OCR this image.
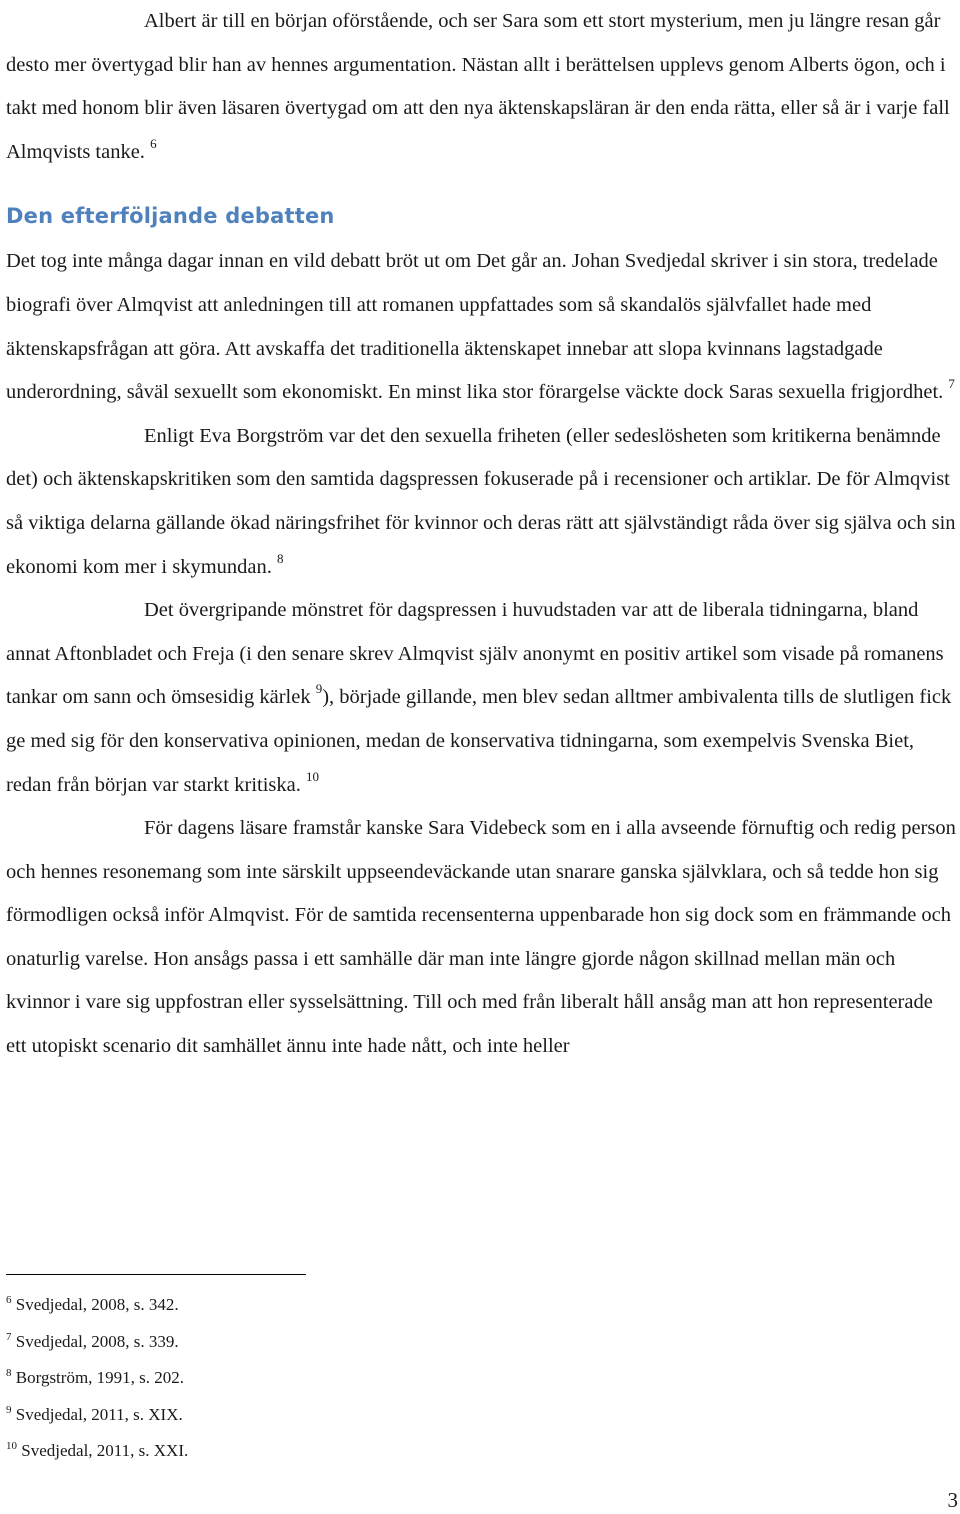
Albert är till en början oförstående, och ser Sara som ett stort mysterium, men ju längre resan går desto mer övertygad blir han av hennes argumentation. Nästan allt i berättelsen upplevs genom Alberts ögon, och i takt med honom blir även läsaren övertygad om att den nya äktenskapsläran är den enda rätta, eller så är i varje fall Almqvists tanke. $^6$

Den efterföljande debatten

Det tog inte många dagar innan en vild debatt bröt ut om Det går an. Johan Svedjedal skriver i sin stora, tredelade biografi över Almqvist att anledningen till att romanen uppfattades som så skandalös självfallet hade med äktenskapsfrågan att göra. Att avskaffa det traditionella äktenskapet innebar att slopa kvinnans lagstadgade underordning, såväl sexuellt som ekonomiskt. En minst lika stor förargelse väckte dock Saras sexuella frigjordhet. $^7$

Enligt Eva Borgström var det den sexuella friheten (eller sedeslösheten som kritikerna benämnde det) och äktenskapskritiken som den samtida dagspressen fokuserade på i recensioner och artiklar. De för Almqvist så viktiga delarna gällande ökad näringsfrihet för kvinnor och deras rätt att självständigt råda över sig själva och sin ekonomi kom mer i skymundan. $^8$

Det övergripande mönstret för dagspressen i huvudstaden var att de liberala tidningarna, bland annat Aftonbladet och Freja (i den senare skrev Almqvist själv anonymt en positiv artikel som visade på romanens tankar om sann och ömsesidig kärlek $^9$), började gillande, men blev sedan alltmer ambivalenta tills de slutligen fick ge med sig för den konservativa opinionen, medan de konservativa tidningarna, som exempelvis Svenska Biet, redan från början var starkt kritiska. $^{10}$

För dagens läsare framstår kanske Sara Videbeck som en i alla avseende förnuftig och redig person och hennes resonemang som inte särskilt uppseendeväckande utan snarare ganska självklara, och så tedde hon sig förmodligen också inför Almqvist. För de samtida recensenterna uppenbarade hon sig dock som en främmande och onaturlig varelse. Hon ansågs passa i ett samhälle där man inte längre gjorde någon skillnad mellan män och kvinnor i vare sig uppfostran eller sysselsättning. Till och med från liberalt håll ansåg man att hon representerade ett utopiskt scenario dit samhället ännu inte hade nått, och inte heller

$^6$ Svedjedal, 2008, s. 342.

$^7$ Svedjedal, 2008, s. 339.

$^8$ Borgström, 1991, s. 202.

$^9$ Svedjedal, 2011, s. XIX.

$^{10}$ Svedjedal, 2011, s. XXI.

3
